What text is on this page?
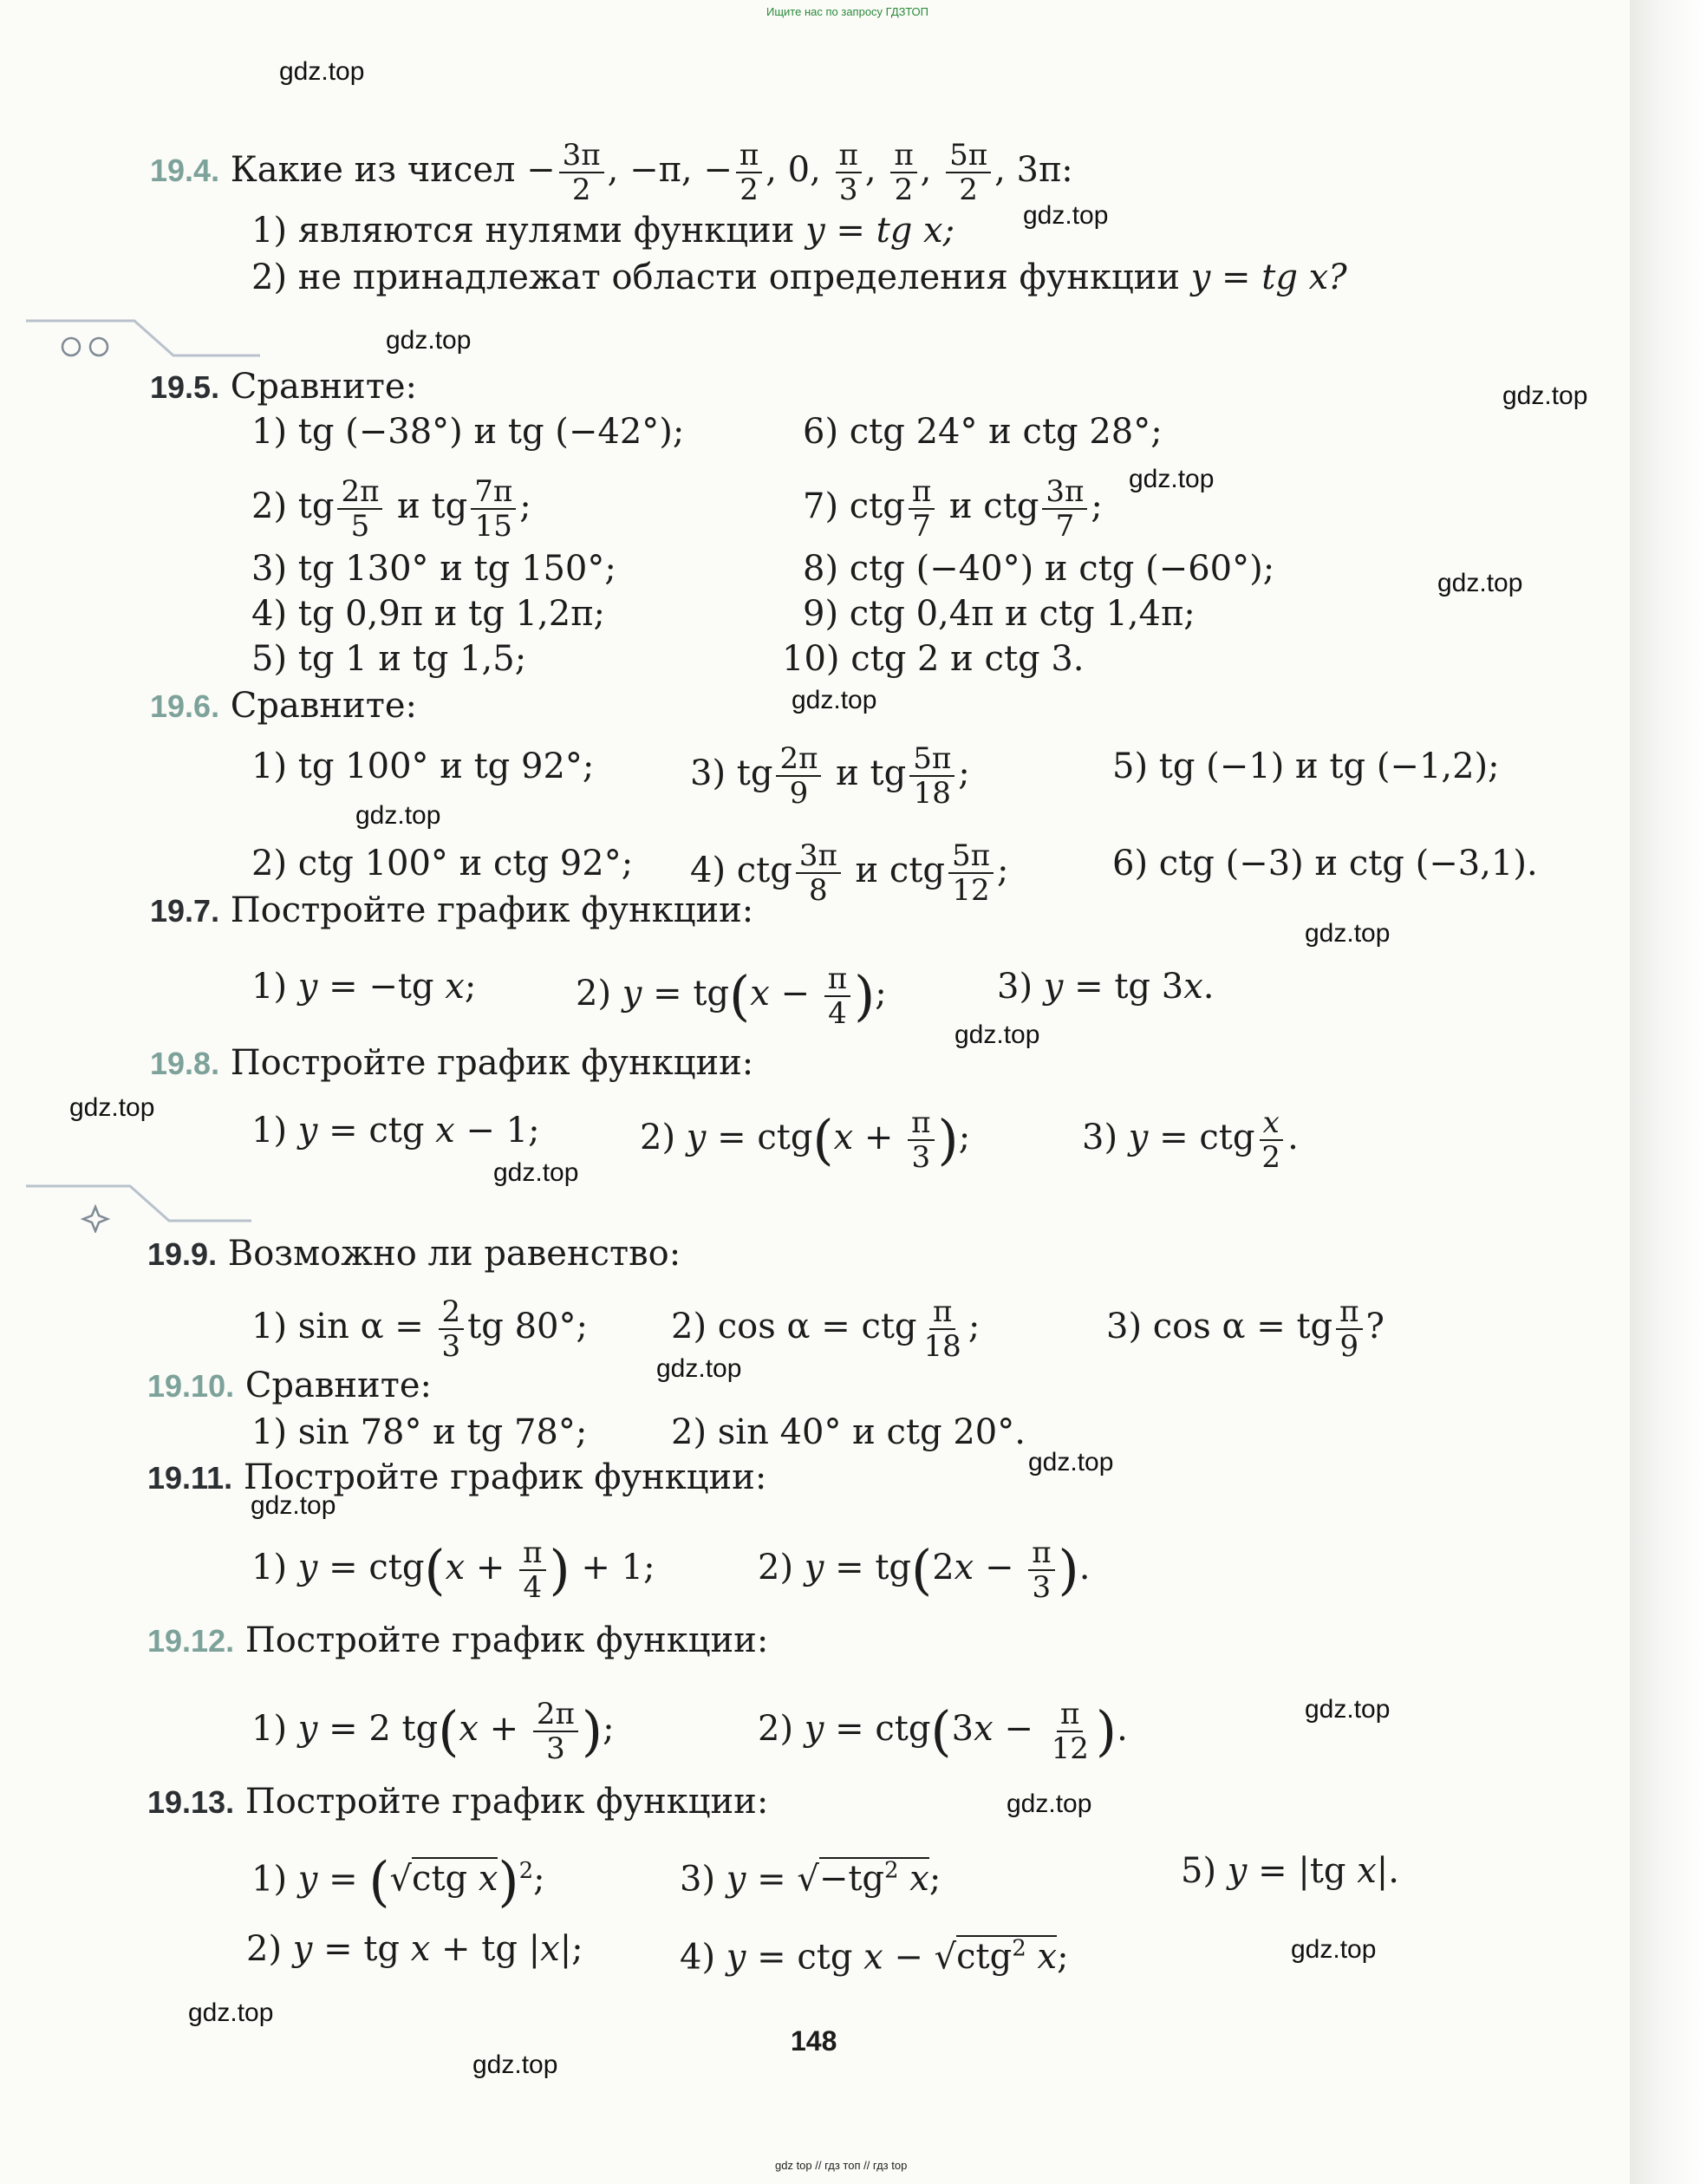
Ищите нас по запросу ГДЗТОП
gdz.top
gdz.top
gdz.top
gdz.top
gdz.top
gdz.top
gdz.top
gdz.top
gdz.top
gdz.top
gdz.top
gdz.top
gdz.top
gdz.top
gdz.top
gdz.top
gdz.top
gdz.top
gdz.top
gdz.top
19.4. Какие из чисел − $\frac{3\pi}{2}$ , −π, − $\frac{\pi}{2}$ , 0, $\frac{\pi}{3}$ , $\frac{\pi}{2}$ , $\frac{5\pi}{2}$ , 3π:
1) являются нулями функции y = tg x;
2) не принадлежат области определения функции y = tg x?
19.5. Сравните:
1) tg (−38°) и tg (−42°);	6) ctg 24° и ctg 28°;
2) tg $\frac{2\pi}{5}$ и tg $\frac{7\pi}{15}$ ;	7) ctg $\frac{\pi}{7}$ и ctg $\frac{3\pi}{7}$ ;
3) tg 130° и tg 150°;	8) ctg (−40°) и ctg (−60°);
4) tg 0,9π и tg 1,2π;	9) ctg 0,4π и ctg 1,4π;
5) tg 1 и tg 1,5;	10) ctg 2 и ctg 3.
19.6. Сравните:
1) tg 100° и tg 92°;	3) tg $\frac{2\pi}{9}$ и tg $\frac{5\pi}{18}$ ;	5) tg (−1) и tg (−1,2);
2) ctg 100° и ctg 92°; 4) ctg $\frac{3\pi}{8}$ и ctg $\frac{5\pi}{12}$ ;	6) ctg (−3) и ctg (−3,1).
19.7. Постройте график функции:
1) y = −tg x;	2) $y = tg(x - \frac{\pi}{4}$ );	3) y = tg 3x.
19.8. Постройте график функции:
1) y = ctg x − 1;	2) $y = ctg(x + \frac{\pi}{3}$ );	3) y = ctg $\frac{x}{2}$ .
19.9. Возможно ли равенство:
1) $\sin \alpha = \frac{2}{3}$ tg 80°; 2) cos α = ctg $\frac{\pi}{18}$ ;	3) cos α = tg $\frac{\pi}{9}$ ?
19.10. Сравните:
1) sin 78° и tg 78°; 2) sin 40° и ctg 20°.
19.11. Постройте график функции:
1) $y = ctg(x + \frac{\pi}{4}$ ) + 1;	2) $y = tg(2x - \frac{\pi}{3}$ ).
19.12. Постройте график функции:
1) y = 2 $tg(x + \frac{2\pi}{3}$ );	2) $y = ctg(3x - \frac{\pi}{12}$ ).
19.13. Постройте график функции:
1) y = (√ctg x)$^2$;	3) $y = √-tg^2$ x;	5) y = |tg x|.
2) y = tg x + tg |x|;	4) y = ctg x − √ctg$^2$ x;
148
gdz top // гдз топ // гдз top
